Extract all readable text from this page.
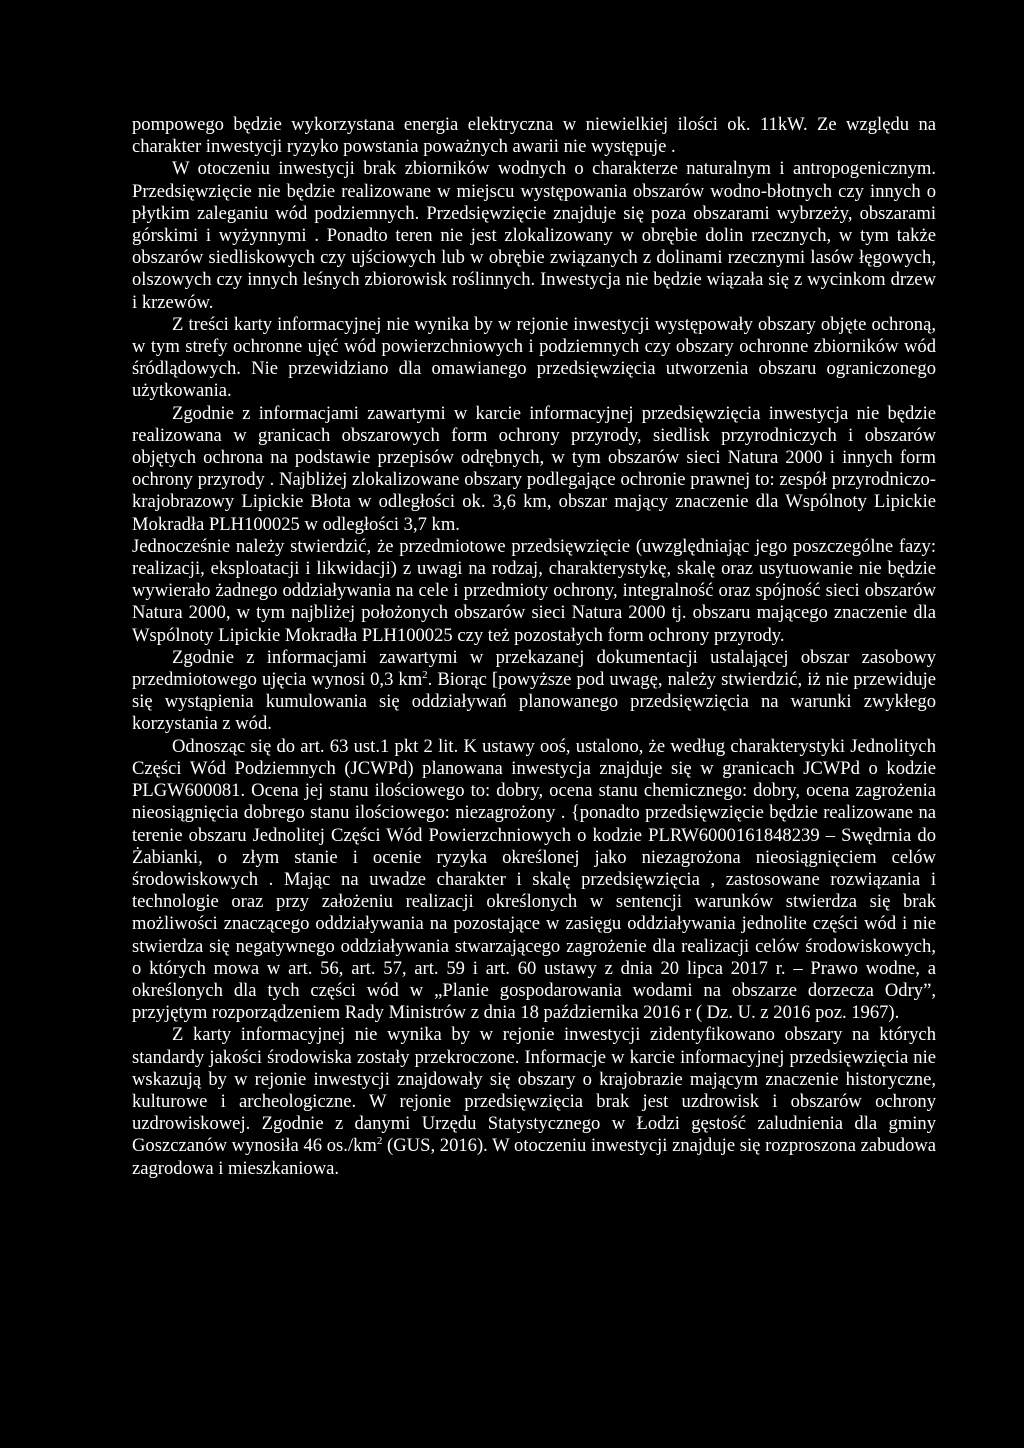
pompowego będzie wykorzystana energia elektryczna w niewielkiej ilości ok. 11kW. Ze względu na charakter inwestycji ryzyko powstania poważnych awarii nie występuje .

W otoczeniu inwestycji brak zbiorników wodnych o charakterze naturalnym i antropogenicznym. Przedsięwzięcie nie będzie realizowane w miejscu występowania obszarów wodno-błotnych czy innych o płytkim zaleganiu wód podziemnych. Przedsięwzięcie znajduje się poza obszarami wybrzeży, obszarami górskimi i wyżynnymi . Ponadto teren nie jest zlokalizowany w obrębie dolin rzecznych, w tym także obszarów siedliskowych czy ujściowych lub w obrębie związanych z dolinami rzecznymi lasów łęgowych, olszowych czy innych leśnych zbiorowisk roślinnych. Inwestycja nie będzie wiązała się z wycinkom drzew i krzewów.

Z treści karty informacyjnej nie wynika by w rejonie inwestycji występowały obszary objęte ochroną, w tym strefy ochronne ujęć wód powierzchniowych i podziemnych czy obszary ochronne zbiorników wód śródlądowych. Nie przewidziano dla omawianego przedsięwzięcia utworzenia obszaru ograniczonego użytkowania.

Zgodnie z informacjami zawartymi w karcie informacyjnej przedsięwzięcia inwestycja nie będzie realizowana w granicach obszarowych form ochrony przyrody, siedlisk przyrodniczych i obszarów objętych ochrona na podstawie przepisów odrębnych, w tym obszarów sieci Natura 2000 i innych form ochrony przyrody . Najbliżej zlokalizowane obszary podlegające ochronie prawnej to: zespół przyrodniczo-krajobrazowy Lipickie Błota w odległości ok. 3,6 km, obszar mający znaczenie dla Wspólnoty Lipickie Mokradła PLH100025 w odległości 3,7 km.

Jednocześnie należy stwierdzić, że przedmiotowe przedsięwzięcie (uwzględniając jego poszczególne fazy: realizacji, eksploatacji i likwidacji) z uwagi na rodzaj, charakterystykę, skalę oraz usytuowanie nie będzie wywierało żadnego oddziaływania na cele i przedmioty ochrony, integralność oraz spójność sieci obszarów Natura 2000, w tym najbliżej położonych obszarów sieci Natura 2000 tj. obszaru mającego znaczenie dla Wspólnoty Lipickie Mokradła PLH100025 czy też pozostałych form ochrony przyrody.

Zgodnie z informacjami zawartymi w przekazanej dokumentacji ustalającej obszar zasobowy przedmiotowego ujęcia wynosi 0,3 $km^2$. Biorąc [powyższe pod uwagę, należy stwierdzić, iż nie przewiduje się wystąpienia kumulowania się oddziaływań planowanego przedsięwzięcia na warunki zwykłego korzystania z wód.

Odnosząc się do art. 63 ust.1 pkt 2 lit. K ustawy ooś, ustalono, że według charakterystyki Jednolitych Części Wód Podziemnych (JCWPd) planowana inwestycja znajduje się w granicach JCWPd o kodzie PLGW600081. Ocena jej stanu ilościowego to: dobry, ocena stanu chemicznego: dobry, ocena zagrożenia nieosiągnięcia dobrego stanu ilościowego: niezagrożony . {ponadto przedsięwzięcie będzie realizowane na terenie obszaru Jednolitej Części Wód Powierzchniowych o kodzie PLRW6000161848239 – Swędrnia do Żabianki, o złym stanie i ocenie ryzyka określonej jako niezagrożona nieosiągnięciem celów środowiskowych . Mając na uwadze charakter i skalę przedsięwzięcia , zastosowane rozwiązania i technologie oraz przy założeniu realizacji określonych w sentencji warunków stwierdza się brak możliwości znaczącego oddziaływania na pozostające w zasięgu oddziaływania jednolite części wód i nie stwierdza się negatywnego oddziaływania stwarzającego zagrożenie dla realizacji celów środowiskowych, o których mowa w art. 56, art. 57, art. 59 i art. 60 ustawy z dnia 20 lipca 2017 r. – Prawo wodne, a określonych dla tych części wód w „Planie gospodarowania wodami na obszarze dorzecza Odry”, przyjętym rozporządzeniem Rady Ministrów z dnia 18 października 2016 r ( Dz. U. z 2016 poz. 1967).

Z karty informacyjnej nie wynika by w rejonie inwestycji zidentyfikowano obszary na których standardy jakości środowiska zostały przekroczone. Informacje w karcie informacyjnej przedsięwzięcia nie wskazują by w rejonie inwestycji znajdowały się obszary o krajobrazie mającym znaczenie historyczne, kulturowe i archeologiczne. W rejonie przedsięwzięcia brak jest uzdrowisk i obszarów ochrony uzdrowiskowej. Zgodnie z danymi Urzędu Statystycznego w Łodzi gęstość zaludnienia dla gminy Goszczanów wynosiła 46 $os./km^2$ (GUS, 2016). W otoczeniu inwestycji znajduje się rozproszona zabudowa zagrodowa i mieszkaniowa.
